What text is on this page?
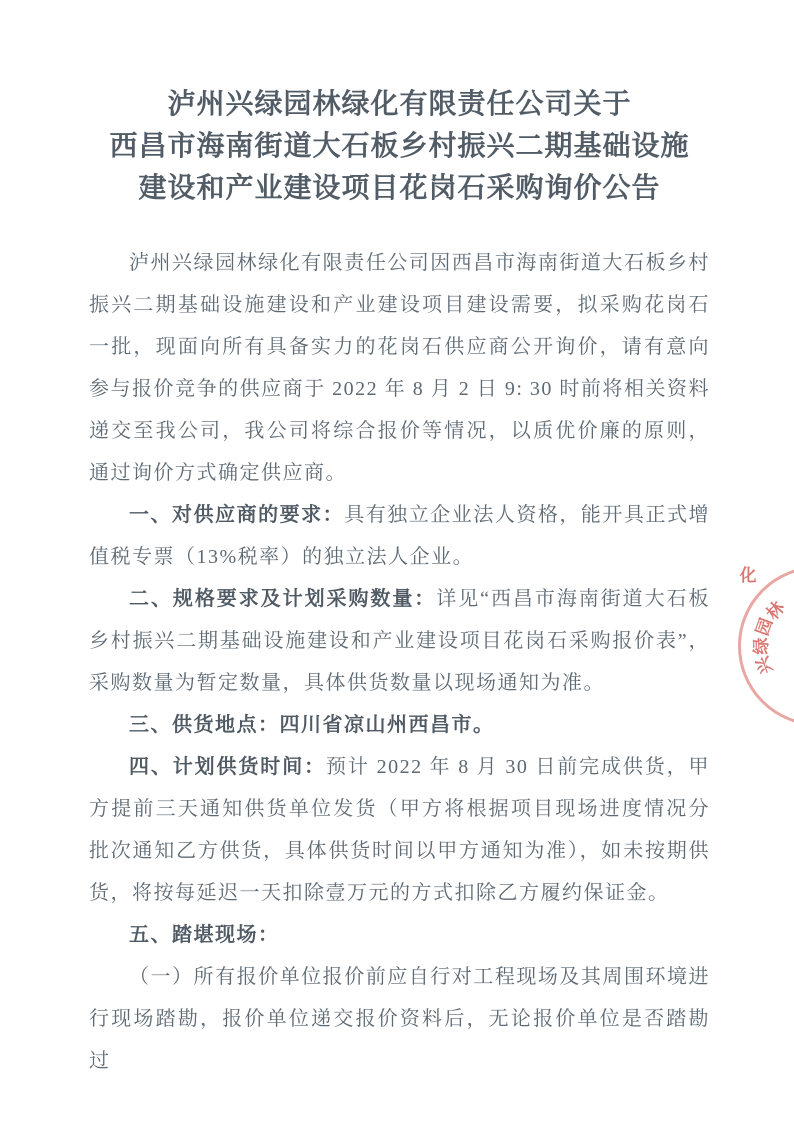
泸州兴绿园林绿化有限责任公司关于
西昌市海南街道大石板乡村振兴二期基础设施
建设和产业建设项目花岗石采购询价公告

泸州兴绿园林绿化有限责任公司因西昌市海南街道大石板乡村振兴二期基础设施建设和产业建设项目建设需要，拟采购花岗石一批，现面向所有具备实力的花岗石供应商公开询价，请有意向参与报价竞争的供应商于 2022 年 8 月 2 日 9: 30 时前将相关资料递交至我公司，我公司将综合报价等情况，以质优价廉的原则，通过询价方式确定供应商。

一、对供应商的要求：具有独立企业法人资格，能开具正式增值税专票（13%税率）的独立法人企业。

二、规格要求及计划采购数量：详见“西昌市海南街道大石板乡村振兴二期基础设施建设和产业建设项目花岗石采购报价表”，采购数量为暂定数量，具体供货数量以现场通知为准。

三、供货地点：四川省凉山州西昌市。

四、计划供货时间：预计 2022 年 8 月 30 日前完成供货，甲方提前三天通知供货单位发货（甲方将根据项目现场进度情况分批次通知乙方供货，具体供货时间以甲方通知为准），如未按期供货，将按每延迟一天扣除壹万元的方式扣除乙方履约保证金。

五、踏堪现场：

（一）所有报价单位报价前应自行对工程现场及其周围环境进行现场踏勘，报价单位递交报价资料后，无论报价单位是否踏勘过

化
林
园
绿
兴
